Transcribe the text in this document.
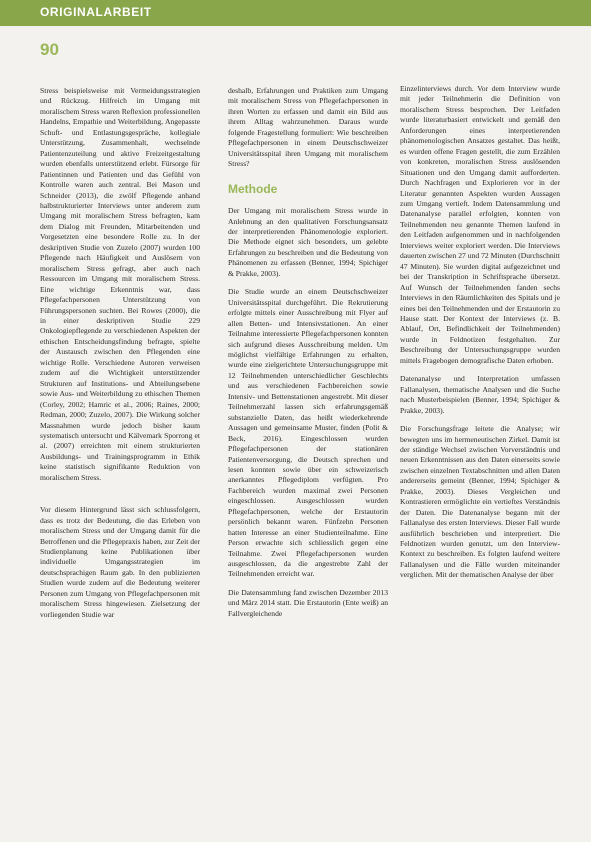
ORIGINALARBEIT
90

Stress beispielsweise mit Vermeidungsstrategien und Rückzug. Hilfreich im Umgang mit moralischem Stress waren Reflexion professionellen Handelns, Empathie und Weiterbildung, Angepasste Schuft- und Entlastungsgespräche, kollegiale Unterstützung, Zusammenhalt, wechselnde Patientenzuteilung und aktive Freizeitgestaltung wurden ebenfalls unterstützend erlebt. Fürsorge für Patientinnen und Patienten und das Gefühl von Kontrolle waren auch zentral. Bei Mason und Schneider (2013), die zwölf Pflegende anhand halbstrukturierter Interviews unter anderem zum Umgang mit moralischem Stress befragten, kam dem Dialog mit Freunden, Mitarbeitenden und Vorgesetzten eine besondere Rolle zu. In der deskriptiven Studie von Zuzelo (2007) wurden 100 Pflegende nach Häufigkeit und Auslösern von moralischem Stress gefragt, aber auch nach Ressourcen im Umgang mit moralischem Stress. Eine wichtige Erkenntnis war, dass Pflegefachpersonen Unterstützung von Führungspersonen suchten. Bei Rowes (2000), die in einer deskriptiven Studie 229 Onkologiepflegende zu verschiedenen Aspekten der ethischen Entscheidungsfindung befragte, spielte der Austausch zwischen den Pflegenden eine wichtige Rolle. Verschiedene Autoren verweisen zudem auf die Wichtigkeit unterstützender Strukturen auf Institutions- und Abteilungsebene sowie Aus- und Weiterbildung zu ethischen Themen (Corley, 2002; Hamric et al., 2006; Raines, 2000; Redman, 2000; Zuzelo, 2007). Die Wirkung solcher Massnahmen wurde jedoch bisher kaum systematisch untersucht und Kälvemark Sporrong et al. (2007) erreichten mit einem strukturierten Ausbildungs- und Trainingsprogramm in Ethik keine statistisch signifikante Reduktion von moralischem Stress.

Vor diesem Hintergrund lässt sich schlussfolgern, dass es trotz der Bedeutung, die das Erleben von moralischem Stress und der Umgang damit für die Betroffenen und die Pflegepraxis haben, zur Zeit der Studienplanung keine Publikationen über individuelle Umgangsstrategien im deutschsprachigen Raum gab. In den publizierten Studien wurde zudem auf die Bedeutung weiterer Personen zum Umgang von Pflegefachpersonen mit moralischem Stress hingewiesen. Zielsetzung der vorliegenden Studie war

deshalb, Erfahrungen und Praktiken zum Umgang mit moralischem Stress von Pflegefachpersonen in ihren Worten zu erfassen und damit ein Bild aus ihrem Alltag wahrzunehmen. Daraus wurde folgende Fragestellung formuliert: Wie beschreiben Pflegefachpersonen in einem Deutschschweizer Universitätsspital ihren Umgang mit moralischem Stress?

Methode

Der Umgang mit moralischem Stress wurde in Anlehnung an den qualitativen Forschungsansatz der interpretierenden Phänomenologie exploriert. Die Methode eignet sich besonders, um gelebte Erfahrungen zu beschreiben und die Bedeutung von Phänomenen zu erfassen (Benner, 1994; Spichiger & Prakke, 2003).

Die Studie wurde an einem Deutschschweizer Universitätsspital durchgeführt. Die Rekrutierung erfolgte mittels einer Ausschreibung mit Flyer auf allen Betten- und Intensivstationen. An einer Teilnahme interessierte Pflegefachpersonen konnten sich aufgrund dieses Ausschreibung melden. Um möglichst vielfältige Erfahrungen zu erhalten, wurde eine zielgerichtete Untersuchungsgruppe mit 12 Teilnehmenden unterschiedlicher Geschlechts und aus verschiedenen Fachbereichen sowie Intensiv- und Bettenstationen angestrebt. Mit dieser Teilnehmerzahl lassen sich erfahrungsgemäß substanzielle Daten, das heißt wiederkehrende Aussagen und gemeinsame Muster, finden (Polit & Beck, 2016). Eingeschlossen wurden Pflegefachpersonen der stationären Patientenversorgung, die Deutsch sprechen und lesen konnten sowie über ein schweizerisch anerkanntes Pflegediplom verfügten. Pro Fachbereich wurden maximal zwei Personen eingeschlossen. Ausgeschlossen wurden Pflegefachpersonen, welche der Erstautorin persönlich bekannt waren. Fünfzehn Personen hatten Interesse an einer Studienteilnahme. Eine Person erwachte sich schliesslich gegen eine Teilnahme. Zwei Pflegefachpersonen wurden ausgeschlossen, da die angestrebte Zahl der Teilnehmenden erreicht war.

Die Datensammlung fand zwischen Dezember 2013 und März 2014 statt. Die Erstautorin (Ente weiß) an Fallvergleichende

Einzelinterviews durch. Vor dem Interview wurde mit jeder Teilnehmerin die Definition von moralischem Stress besprochen. Der Leitfaden wurde literaturbasiert entwickelt und gemäß den Anforderungen eines interpretierenden phänomenologischen Ansatzes gestaltet. Das heißt, es wurden offene Fragen gestellt, die zum Erzählen von konkreten, moralischen Stress auslösenden Situationen und den Umgang damit aufforderten. Durch Nachfragen und Explorieren vor in der Literatur genannten Aspekten wurden Aussagen zum Umgang vertieft. Indem Datensammlung und Datenanalyse parallel erfolgten, konnten von Teilnehmenden neu genannte Themen laufend in den Leitfaden aufgenommen und in nachfolgenden Interviews weiter exploriert werden. Die Interviews dauerten zwischen 27 und 72 Minuten (Durchschnitt 47 Minuten). Sie wurden digital aufgezeichnet und bei der Transkription in Schriftsprache übersetzt. Auf Wunsch der Teilnehmenden fanden sechs Interviews in den Räumlichkeiten des Spitals und je eines bei den Teilnehmenden und der Erstautorin zu Hause statt. Der Kontext der Interviews (z. B. Ablauf, Ort, Befindlichkeit der Teilnehmenden) wurde in Feldnotizen festgehalten. Zur Beschreibung der Untersuchungsgruppe wurden mittels Fragebogen demografische Daten erhoben.

Datenanalyse und Interpretation umfassen Fallanalysen, thematische Analysen und die Suche nach Musterbeispielen (Benner, 1994; Spichiger & Prakke, 2003).

Die Forschungsfrage leitete die Analyse; wir bewegten uns im hermeneutischen Zirkel. Damit ist der ständige Wechsel zwischen Vorverständnis und neuen Erkenntnissen aus den Daten einerseits sowie zwischen einzelnen Textabschnitten und allen Daten andererseits gemeint (Benner, 1994; Spichiger & Prakke, 2003). Dieses Vergleichen und Kontrastieren ermöglichte ein vertieftes Verständnis der Daten. Die Datenanalyse begann mit der Fallanalyse des ersten Interviews. Dieser Fall wurde ausführlich beschrieben und interpretiert. Die Feldnotizen wurden genutzt, um den Interview-Kontext zu beschreiben. Es folgten laufend weitere Fallanalysen und die Fälle wurden miteinander verglichen. Mit der thematischen Analyse der über
